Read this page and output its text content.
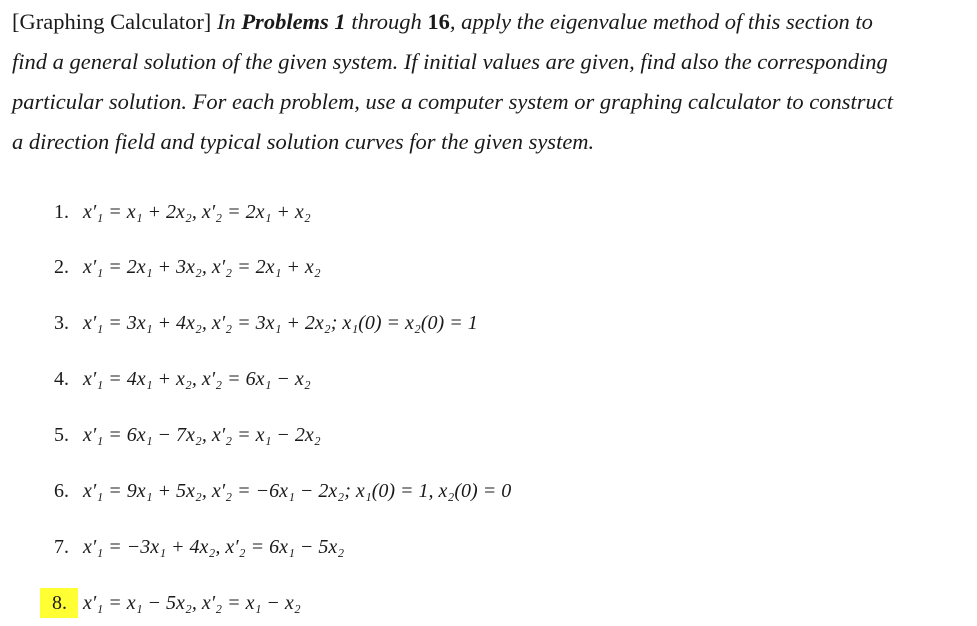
[Graphing Calculator] In Problems 1 through 16, apply the eigenvalue method of this section to
find a general solution of the given system. If initial values are given, find also the corresponding
particular solution. For each problem, use a computer system or graphing calculator to construct
a direction field and typical solution curves for the given system.
1. x′₁ = x₁ + 2x₂, x′₂ = 2x₁ + x₂
2. x′₁ = 2x₁ + 3x₂, x′₂ = 2x₁ + x₂
3. x′₁ = 3x₁ + 4x₂, x′₂ = 3x₁ + 2x₂; x₁(0) = x₂(0) = 1
4. x′₁ = 4x₁ + x₂, x′₂ = 6x₁ − x₂
5. x′₁ = 6x₁ − 7x₂, x′₂ = x₁ − 2x₂
6. x′₁ = 9x₁ + 5x₂, x′₂ = −6x₁ − 2x₂; x₁(0) = 1, x₂(0) = 0
7. x′₁ = −3x₁ + 4x₂, x′₂ = 6x₁ − 5x₂
8. x′₁ = x₁ − 5x₂, x′₂ = x₁ − x₂
